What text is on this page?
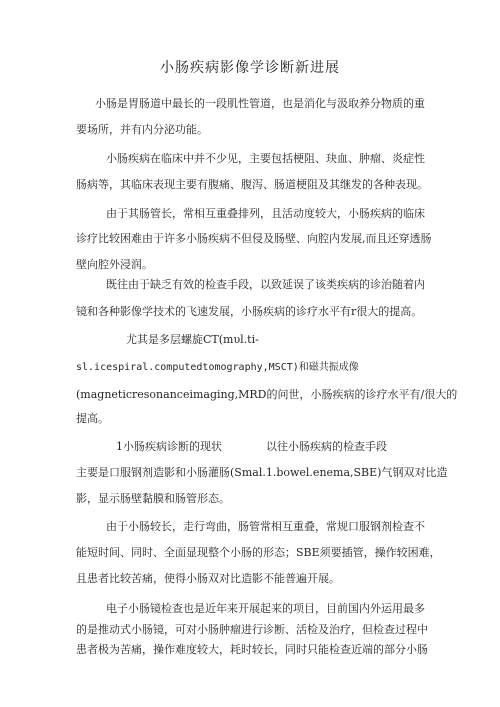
小肠疾病影像学诊断新进展
小肠是胃肠道中最长的一段肌性管道，也是消化与汲取养分物质的重
要场所，并有内分泌功能。
小肠疾病在临床中并不少见，主要包括梗阻、玦血、肿瘤、炎症性
肠病等，其临床表现主要有腹痛、腹泻、肠道梗阻及其继发的各种表现。
由于其肠管长，常相互重叠排列，且活动度较大，小肠疾病的临床
诊疗比较困难由于许多小肠疾病不但侵及肠壁、向腔内发展,而且还穿透肠
壁向腔外浸润。
既往由于缺乏有效的检查手段，以致延误了该类疾病的诊治随着内
镜和各种影像学技术的飞速发展，小肠疾病的诊疗水平有r很大的提高。
尤其是多层螺旋CT(mυl.ti-
sl.icespiral.computedtomography,MSCT)和磁共振成像
(magneticresonanceimaging,MRD的问世，小肠疾病的诊疗水平有/很大的
提高。
1小肠疾病诊断的现状	以往小肠疾病的检查手段
主要是口服钢剂造影和小肠灌肠(Smal.1.bowel.enema,SBE)气钢双对比造
影，显示肠壁黏膜和肠管形态。
由于小肠较长，走行弯曲，肠管常相互重叠，常规口服钢剂检查不
能短时间、同时、全面显现整个小肠的形态；SBE须要插管，操作较困难，
且患者比较苦痛，使得小肠双对比造影不能普遍开展。
电子小肠镜检查也是近年来开展起来的项目，目前国内外运用最多
的是推动式小肠镜，可对小肠肿瘤进行诊断、活检及治疗，但检查过程中
患者极为苦痛，操作难度较大，耗时较长，同时只能检查近端的部分小肠
